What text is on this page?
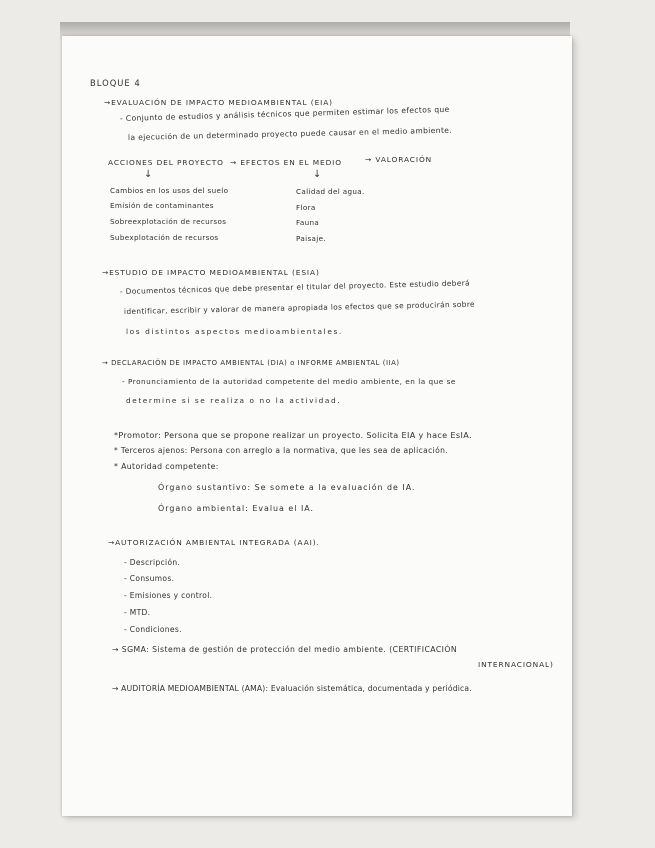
BLOQUE 4
→EVALUACIÓN DE IMPACTO MEDIOAMBIENTAL (EIA)
- Conjunto de estudios y análisis técnicos que permiten estimar los efectos que
la ejecución de un determinado proyecto puede causar en el medio ambiente.
ACCIONES DEL PROYECTO → EFECTOS EN EL MEDIO	→ VALORACIÓN
↓	↓
Cambios en los usos del suelo
Emisión de contaminantes
Sobreexplotación de recursos
Subexplotación de recursos
Calidad del agua.
Flora
Fauna
Paisaje.
→ESTUDIO DE IMPACTO MEDIOAMBIENTAL (ESIA)
- Documentos técnicos que debe presentar el titular del proyecto. Este estudio deberá
identificar, escribir y valorar de manera apropiada los efectos que se producirán sobre
los distintos aspectos medioambientales.
→ DECLARACIÓN DE IMPACTO AMBIENTAL (DIA) o INFORME AMBIENTAL (IIA)
- Pronunciamiento de la autoridad competente del medio ambiente, en la que se
determine si se realiza o no la actividad.
*Promotor: Persona que se propone realizar un proyecto. Solicita EIA y hace EsIA.
* Terceros ajenos: Persona con arreglo a la normativa, que les sea de aplicación.
* Autoridad competente:
Órgano sustantivo: Se somete a la evaluación de IA.
Órgano ambiental: Evalua el IA.
→AUTORIZACIÓN AMBIENTAL INTEGRADA (AAI).
- Descripción.
- Consumos.
- Emisiones y control.
- MTD.
- Condiciones.
→ SGMA: Sistema de gestión de protección del medio ambiente. (CERTIFICACIÓN
INTERNACIONAL)
→ AUDITORÍA MEDIOAMBIENTAL (AMA): Evaluación sistemática, documentada y periódica.
